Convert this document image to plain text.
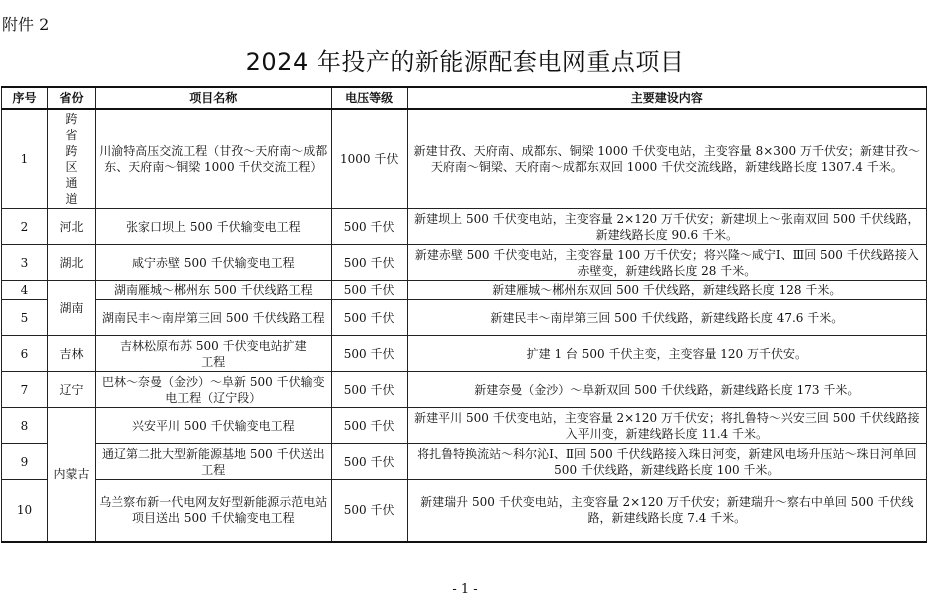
附件 2
2024 年投产的新能源配套电网重点项目
序号	省份	项目名称	电压等级	主要建设内容
1	跨省跨区通道	川渝特高压交流工程（甘孜～天府南～成都东、天府南～铜梁 1000 千伏交流工程）	1000 千伏	新建甘孜、天府南、成都东、铜梁 1000 千伏变电站，主变容量 8×300 万千伏安；新建甘孜～天府南～铜梁、天府南～成都东双回 1000 千伏交流线路，新建线路长度 1307.4 千米。
2	河北	张家口坝上 500 千伏输变电工程	500 千伏	新建坝上 500 千伏变电站，主变容量 2×120 万千伏安；新建坝上～张南双回 500 千伏线路，新建线路长度 90.6 千米。
3	湖北	咸宁赤壁 500 千伏输变电工程	500 千伏	新建赤壁 500 千伏变电站，主变容量 100 万千伏安；将兴隆～咸宁Ⅰ、Ⅲ回 500 千伏线路接入赤壁变，新建线路长度 28 千米。
4	湖南	湖南雁城～郴州东 500 千伏线路工程	500 千伏	新建雁城～郴州东双回 500 千伏线路，新建线路长度 128 千米。
5		湖南民丰～南岸第三回 500 千伏线路工程	500 千伏	新建民丰～南岸第三回 500 千伏线路，新建线路长度 47.6 千米。
6	吉林	吉林松原布苏 500 千伏变电站扩建工程	500 千伏	扩建 1 台 500 千伏主变，主变容量 120 万千伏安。
7	辽宁	巴林～奈曼（金沙）～阜新 500 千伏输变电工程（辽宁段）	500 千伏	新建奈曼（金沙）～阜新双回 500 千伏线路，新建线路长度 173 千米。
8	内蒙古	兴安平川 500 千伏输变电工程	500 千伏	新建平川 500 千伏变电站，主变容量 2×120 万千伏安；将扎鲁特～兴安三回 500 千伏线路接入平川变，新建线路长度 11.4 千米。
9		通辽第二批大型新能源基地 500 千伏送出工程	500 千伏	将扎鲁特换流站～科尔沁Ⅰ、Ⅱ回 500 千伏线路接入珠日河变，新建风电场升压站～珠日河单回 500 千伏线路，新建线路长度 100 千米。
10		乌兰察布新一代电网友好型新能源示范电站项目送出 500 千伏输变电工程	500 千伏	新建瑞升 500 千伏变电站，主变容量 2×120 万千伏安；新建瑞升～察右中单回 500 千伏线路，新建线路长度 7.4 千米。
- 1 -
